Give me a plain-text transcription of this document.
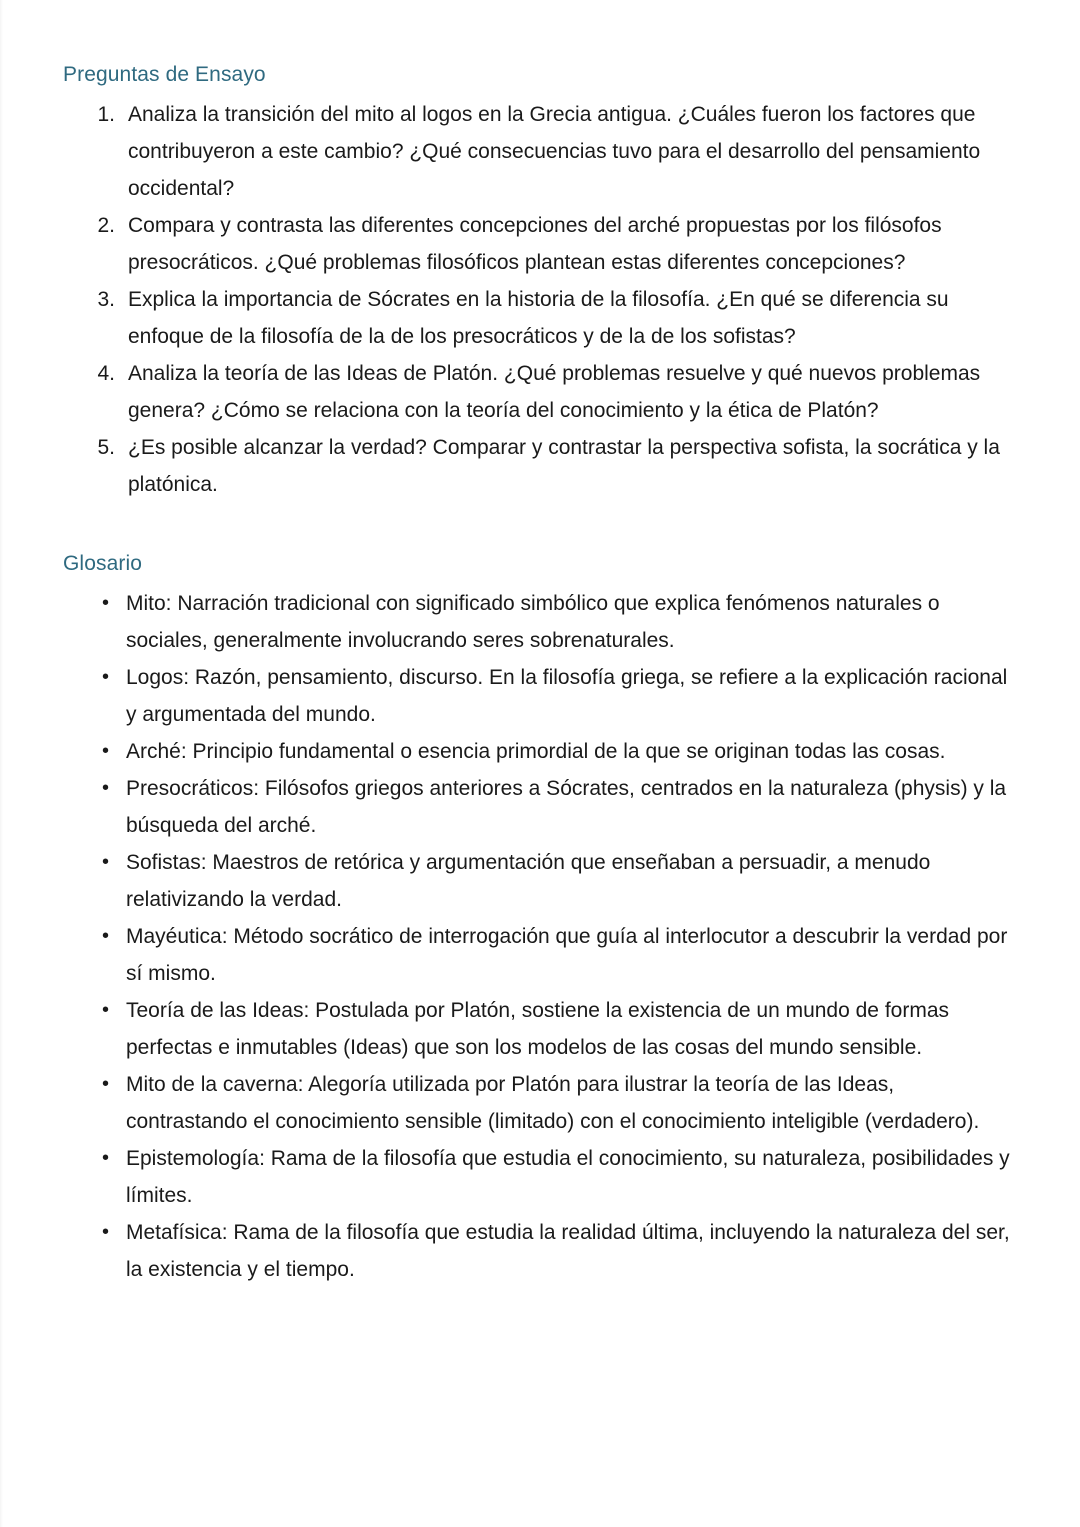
Preguntas de Ensayo
1. Analiza la transición del mito al logos en la Grecia antigua. ¿Cuáles fueron los factores que contribuyeron a este cambio? ¿Qué consecuencias tuvo para el desarrollo del pensamiento occidental?
2. Compara y contrasta las diferentes concepciones del arché propuestas por los filósofos presocráticos. ¿Qué problemas filosóficos plantean estas diferentes concepciones?
3. Explica la importancia de Sócrates en la historia de la filosofía. ¿En qué se diferencia su enfoque de la filosofía de la de los presocráticos y de la de los sofistas?
4. Analiza la teoría de las Ideas de Platón. ¿Qué problemas resuelve y qué nuevos problemas genera? ¿Cómo se relaciona con la teoría del conocimiento y la ética de Platón?
5. ¿Es posible alcanzar la verdad? Comparar y contrastar la perspectiva sofista, la socrática y la platónica.
Glosario
• Mito: Narración tradicional con significado simbólico que explica fenómenos naturales o sociales, generalmente involucrando seres sobrenaturales.
• Logos: Razón, pensamiento, discurso. En la filosofía griega, se refiere a la explicación racional y argumentada del mundo.
• Arché: Principio fundamental o esencia primordial de la que se originan todas las cosas.
• Presocráticos: Filósofos griegos anteriores a Sócrates, centrados en la naturaleza (physis) y la búsqueda del arché.
• Sofistas: Maestros de retórica y argumentación que enseñaban a persuadir, a menudo relativizando la verdad.
• Mayéutica: Método socrático de interrogación que guía al interlocutor a descubrir la verdad por sí mismo.
• Teoría de las Ideas: Postulada por Platón, sostiene la existencia de un mundo de formas perfectas e inmutables (Ideas) que son los modelos de las cosas del mundo sensible.
• Mito de la caverna: Alegoría utilizada por Platón para ilustrar la teoría de las Ideas, contrastando el conocimiento sensible (limitado) con el conocimiento inteligible (verdadero).
• Epistemología: Rama de la filosofía que estudia el conocimiento, su naturaleza, posibilidades y límites.
• Metafísica: Rama de la filosofía que estudia la realidad última, incluyendo la naturaleza del ser, la existencia y el tiempo.
